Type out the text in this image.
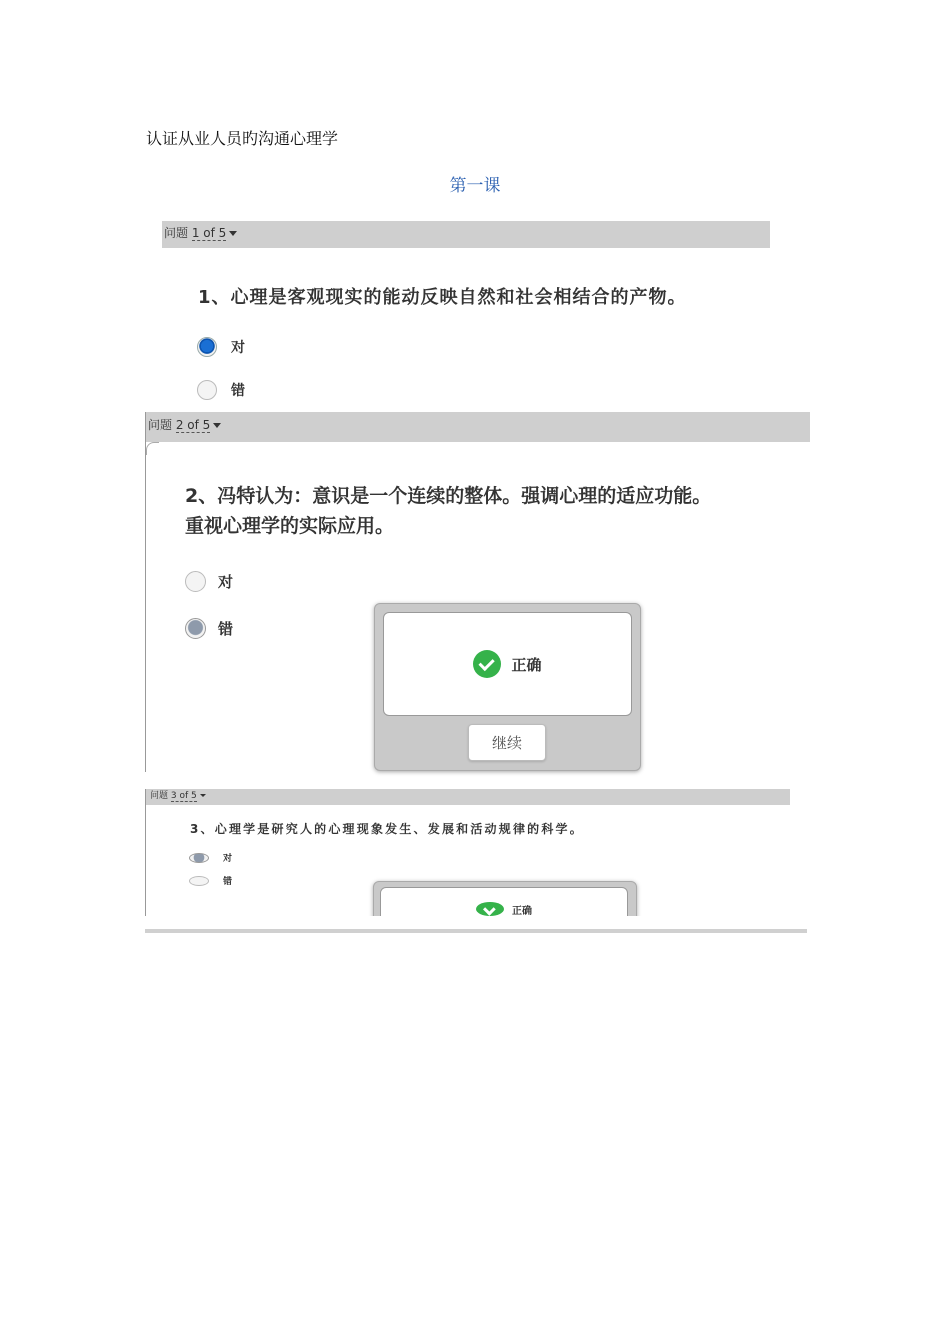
认证从业人员旳沟通心理学
第一课

问题 1 of 5
1、心理是客观现实的能动反映自然和社会相结合的产物。
对
错
问题 2 of 5
2、冯特认为：意识是一个连续的整体。强调心理的适应功能。
重视心理学的实际应用。
对
错
正确
继续
问题 3 of 5
3、心理学是研究人的心理现象发生、发展和活动规律的科学。
对
错
正确
